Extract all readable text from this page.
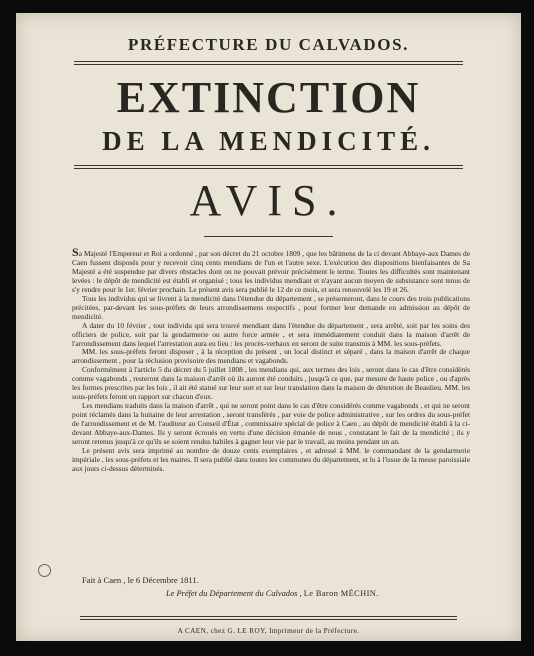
PRÉFECTURE DU CALVADOS.
EXTINCTION
DE LA MENDICITÉ.
AVIS.

Sa Majesté l'Empereur et Roi a ordonné , par son décret du 21 octobre 1809 , que les bâtimens de la ci devant Abbaye-aux Dames de Caen fussent disposés pour y recevoir cinq cents mendians de l'un et l'autre sexe. L'exécution des dispositions bienfaisantes de Sa Majesté a été suspendue par divers obstacles dont on ne pouvait prévoir précisément le terme. Toutes les difficultés sont maintenant levées : le dépôt de mendicité est établi et organisé ; tous les individus mendiant et n'ayant aucun moyen de subsistance sont tenus de s'y rendre pour le 1er. février prochain. Le présent avis sera publié le 12 de ce mois, et sera renouvelé les 19 et 26.

Tous les individus qui se livrent à la mendicité dans l'étendue du département , se présenteront, dans le cours des trois publications précitées, par-devant les sous-préfets de leurs arrondissemens respectifs , pour former leur demande en admission au dépôt de mendicité.

A dater du 10 février , tout individu qui sera trouvé mendiant dans l'étendue du département , sera arrêté, soit par les soins des officiers de police, soit par la gendarmerie ou autre force armée , et sera immédiatement conduit dans la maison d'arrêt de l'arrondissement dans lequel l'arrestation aura eu lieu : les procès-verbaux en seront de suite transmis à MM. les sous-préfets.

MM. les sous-préfets feront disposer , à la réception du présent , un local distinct et séparé , dans la maison d'arrêt de chaque arrondissement , pour la réclusion provisoire des mendians et vagabonds.

Conformément à l'article 5 du décret du 5 juillet 1808 , les mendians qui, aux termes des lois , seront dans le cas d'être considérés comme vagabonds , resteront dans la maison d'arrêt où ils auront été conduits , jusqu'à ce que, par mesure de haute police , ou d'après les formes prescrites par les lois , il ait été statué sur leur sort et sur leur translation dans la maison de détention de Beaulieu. MM. les sous-préfets feront un rapport sur chacun d'eux.

Les mendians traduits dans la maison d'arrêt , qui ne seront point dans le cas d'être considérés comme vagabonds , et qui ne seront point réclamés dans la huitaine de leur arrestation , seront transférés , par voie de police administrative , sur les ordres du sous-préfet de l'arrondissement et de M. l'auditeur au Conseil d'État , commissaire spécial de police à Caen , au dépôt de mendicité établi à la ci-devant Abbaye-aux-Dames. Ils y seront écroués en vertu d'une décision émanée de nous , constatant le fait de la mendicité ; ils y seront retenus jusqu'à ce qu'ils se soient rendus habiles à gagner leur vie par le travail, au moins pendant un an.

Le présent avis sera imprimé au nombre de douze cents exemplaires , et adressé à MM. le commandant de la gendarmerie impériale , les sous-préfets et les maires. Il sera publié dans toutes les communes du département, et lu à l'issue de la messe paroissiale aux jours ci-dessus déterminés.

Fait à Caen , le 6 Décembre 1811.
Le Préfet du Département du Calvados , Le Baron MÉCHIN.
A CAEN, chez G. LE ROY, Imprimeur de la Préfecture.
